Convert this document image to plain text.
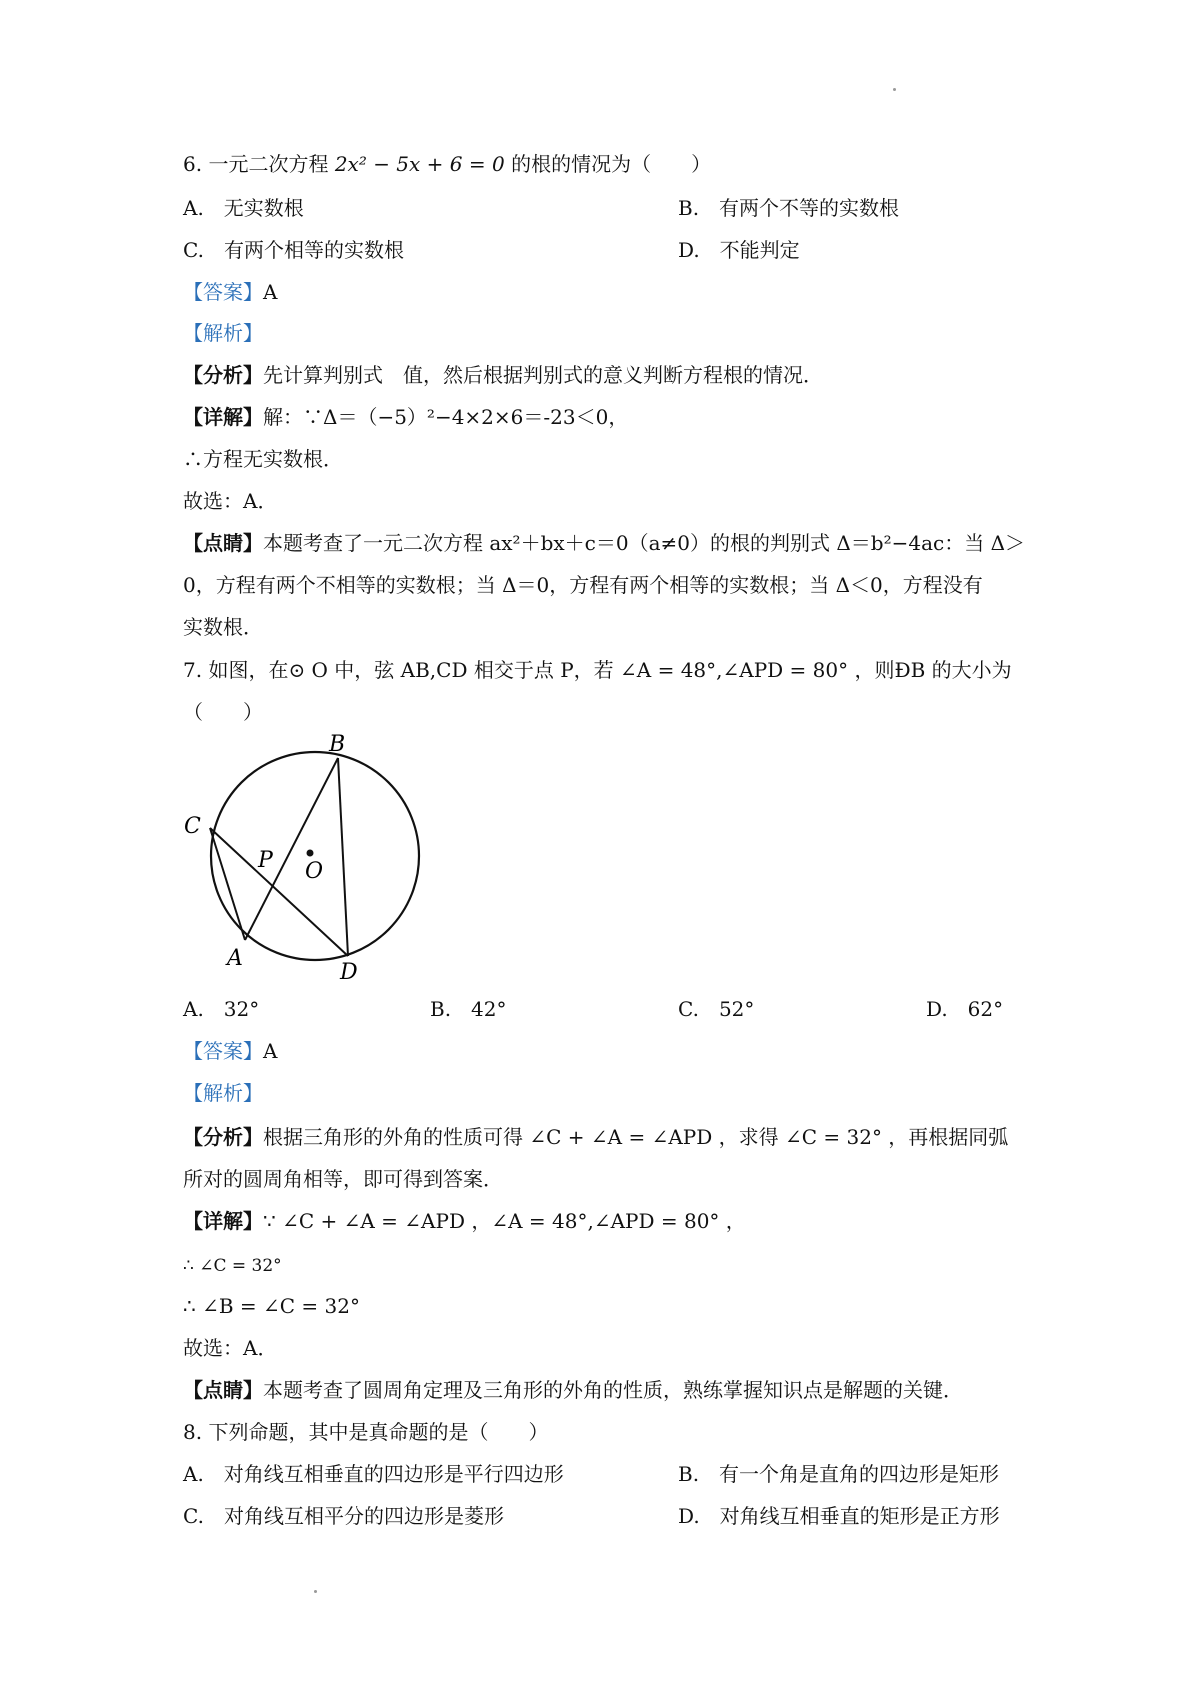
6. 一元二次方程 2x² − 5x + 6 = 0 的根的情况为（　　）
A.　无实数根	B.　有两个不等的实数根
C.　有两个相等的实数根	D.　不能判定
【答案】A
【解析】
【分析】先计算判别式　值，然后根据判别式的意义判断方程根的情况．
【详解】解：∵Δ＝（−5）²−4×2×6＝-23＜0，
∴方程无实数根．
故选：A．
【点睛】本题考查了一元二次方程 ax²＋bx＋c＝0（a≠0）的根的判别式 Δ＝b²−4ac：当 Δ＞
0，方程有两个不相等的实数根；当 Δ＝0，方程有两个相等的实数根；当 Δ＜0，方程没有
实数根．
7. 如图，在⊙ O 中，弦 AB,CD 相交于点 P，若 ∠A = 48°,∠APD = 80° ，则ÐB 的大小为
（　　）
B
C
P O
A
D
A.　32°	B.　42°	C.　52°	D.　62°
【答案】A
【解析】
【分析】根据三角形的外角的性质可得 ∠C + ∠A = ∠APD ，求得 ∠C = 32° ，再根据同弧
所对的圆周角相等，即可得到答案．
【详解】∵ ∠C + ∠A = ∠APD ，∠A = 48°,∠APD = 80° ，
∴ ∠C = 32°
∴ ∠B = ∠C = 32°
故选：A．
【点睛】本题考查了圆周角定理及三角形的外角的性质，熟练掌握知识点是解题的关键．
8. 下列命题，其中是真命题的是（　　）
A.　对角线互相垂直的四边形是平行四边形	B.　有一个角是直角的四边形是矩形
C.　对角线互相平分的四边形是菱形	D.　对角线互相垂直的矩形是正方形
